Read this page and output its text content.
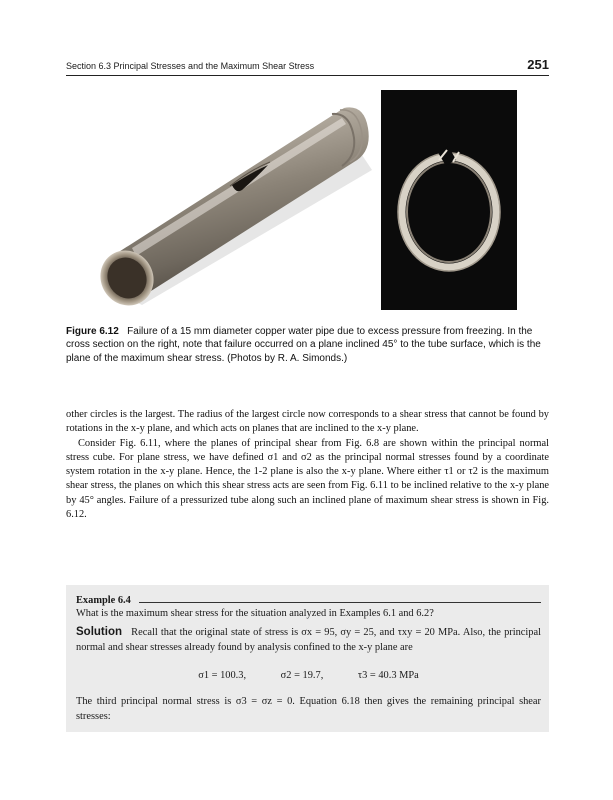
Section 6.3 Principal Stresses and the Maximum Shear Stress	251
Figure 6.12 Failure of a 15 mm diameter copper water pipe due to excess pressure from freezing. In the cross section on the right, note that failure occurred on a plane inclined 45° to the tube surface, which is the plane of the maximum shear stress. (Photos by R. A. Simonds.)

other circles is the largest. The radius of the largest circle now corresponds to a shear stress that cannot be found by rotations in the x-y plane, and which acts on planes that are inclined to the x-y plane.

Consider Fig. 6.11, where the planes of principal shear from Fig. 6.8 are shown within the principal normal stress cube. For plane stress, we have defined σ1 and σ2 as the principal normal stresses found by a coordinate system rotation in the x-y plane. Hence, the 1-2 plane is also the x-y plane. Where either τ1 or τ2 is the maximum shear stress, the planes on which this shear stress acts are seen from Fig. 6.11 to be inclined relative to the x-y plane by 45° angles. Failure of a pressurized tube along such an inclined plane of maximum shear stress is shown in Fig. 6.12.

Example 6.4
What is the maximum shear stress for the situation analyzed in Examples 6.1 and 6.2?
Solution Recall that the original state of stress is σx = 95, σy = 25, and τxy = 20 MPa. Also, the principal normal and shear stresses already found by analysis confined to the x-y plane are
σ1 = 100.3,	σ2 = 19.7,	τ3 = 40.3 MPa
The third principal normal stress is σ3 = σz = 0. Equation 6.18 then gives the remaining principal shear stresses:
